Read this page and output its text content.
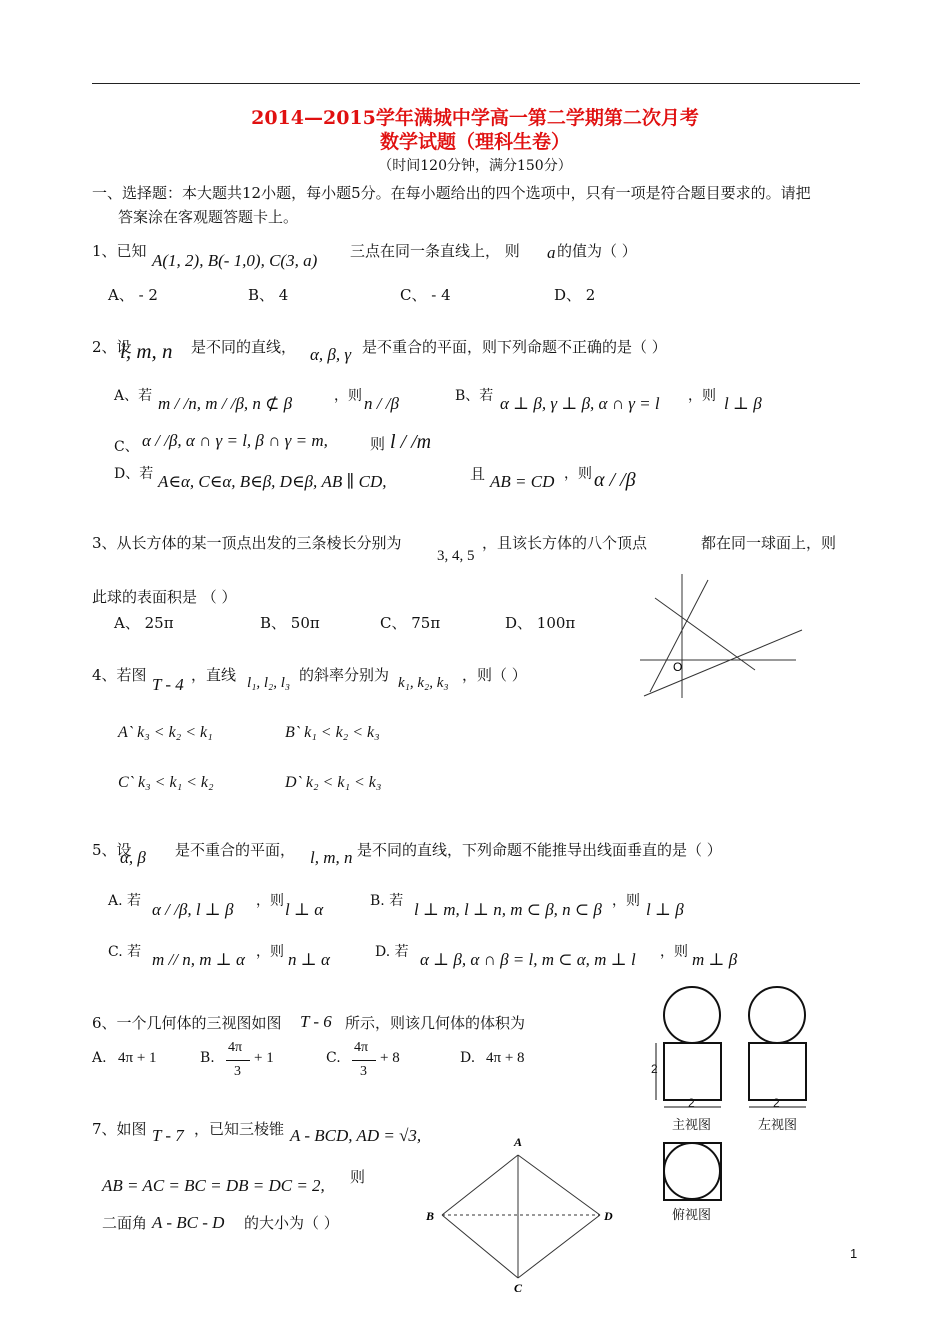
2014—2015学年满城中学高一第二学期第二次月考
数学试题（理科生卷）
（时间120分钟，满分150分）
一、选择题：本大题共12小题，每小题5分。在每小题给出的四个选项中，只有一项是符合题目要求的。请把
答案涂在客观题答题卡上。
1、已知 A(1, 2), B(- 1,0), C(3, a) 三点在同一条直线上， 则 a 的值为（ ）
A、 - 2	B、 4	C、 - 4	D、 2
2、设
l, m, n 是不同的直线， α, β, γ 是不重合的平面，则下列命题不正确的是（ ）
A、若 m / /n, m / /β, n ⊄ β	，则 n / /β	B、若 α ⊥ β, γ ⊥ β, α ∩ γ = l ，则 l ⊥ β
C、 α / /β, α ∩ γ = l, β ∩ γ = m,	则 l / /m
D、若 A∈α, C∈α, B∈β, D∈β, AB ∥ CD,	且 AB = CD ，则 α / /β
3、从长方体的某一顶点出发的三条棱长分别为
3, 4, 5
，且该长方体的八个顶点	都在同一球面上，则
此球的表面积是 （ ）
A、 25π	B、 50π	C、 75π	D、 100π
O
4、若图 T - 4 ，直线 l₁, l₂, l₃ 的斜率分别为 k₁, k₂, k₃ ，则（ ）
A` k₃ < k₂ < k₁	B` k₁ < k₂ < k₃
C` k₃ < k₁ < k₂	D` k₂ < k₁ < k₃
5、设
α, β 是不重合的平面， l, m, n 是不同的直线，下列命题不能推导出线面垂直的是（ ）
A. 若 α / /β, l ⊥ β ，则 l ⊥ α	B. 若 l ⊥ m, l ⊥ n, m ⊂ β, n ⊂ β ，则 l ⊥ β
C. 若 m // n, m ⊥ α ，则 n ⊥ α	D. 若 α ⊥ β, α ∩ β = l, m ⊂ α, m ⊥ l ，则 m ⊥ β
6、一个几何体的三视图如图 T - 6 所示，则该几何体的体积为
A. 4π + 1	B.
4π
3
+ 1	C.
4π
3
+ 8	D. 4π + 8
2
2	2
主视图	左视图
俯视图
7、如图 T - 7 ，已知三棱锥 A - BCD, AD = √3,
AB = AC = BC = DB = DC = 2, 则
二面角 A - BC - D 的大小为（ ）
A
B	D
C
1
